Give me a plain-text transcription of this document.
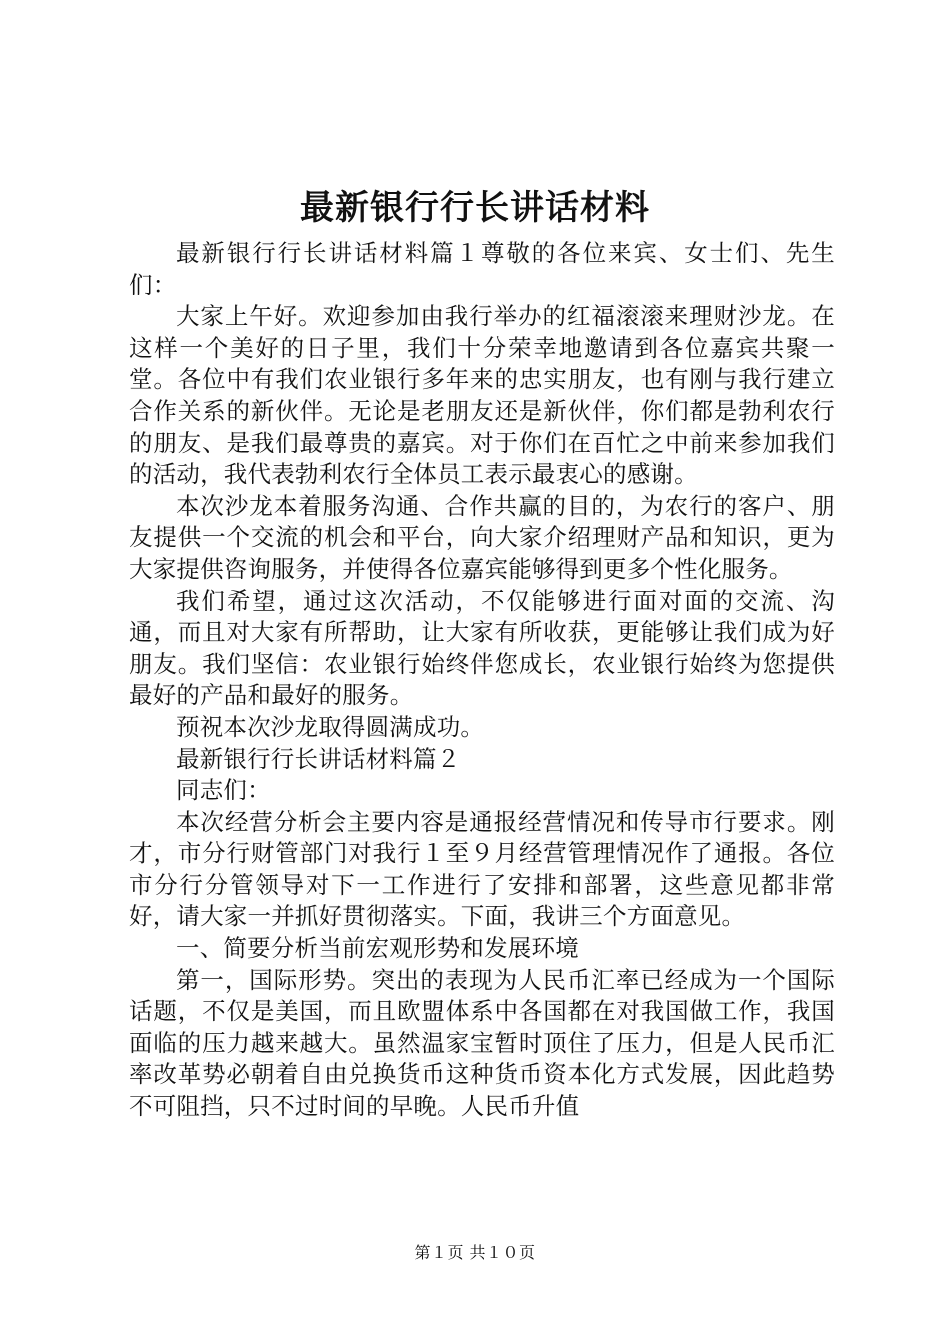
最新银行行长讲话材料

最新银行行长讲话材料篇１尊敬的各位来宾、女士们、先生们：

大家上午好。欢迎参加由我行举办的红福滚滚来理财沙龙。在这样一个美好的日子里，我们十分荣幸地邀请到各位嘉宾共聚一堂。各位中有我们农业银行多年来的忠实朋友，也有刚与我行建立合作关系的新伙伴。无论是老朋友还是新伙伴，你们都是勃利农行的朋友、是我们最尊贵的嘉宾。对于你们在百忙之中前来参加我们的活动，我代表勃利农行全体员工表示最衷心的感谢。

本次沙龙本着服务沟通、合作共赢的目的，为农行的客户、朋友提供一个交流的机会和平台，向大家介绍理财产品和知识，更为大家提供咨询服务，并使得各位嘉宾能够得到更多个性化服务。

我们希望，通过这次活动，不仅能够进行面对面的交流、沟通，而且对大家有所帮助，让大家有所收获，更能够让我们成为好朋友。我们坚信：农业银行始终伴您成长，农业银行始终为您提供最好的产品和最好的服务。

预祝本次沙龙取得圆满成功。

最新银行行长讲话材料篇２

同志们：

本次经营分析会主要内容是通报经营情况和传导市行要求。刚才，市分行财管部门对我行１至９月经营管理情况作了通报。各位市分行分管领导对下一工作进行了安排和部署，这些意见都非常好，请大家一并抓好贯彻落实。下面，我讲三个方面意见。

一、简要分析当前宏观形势和发展环境

第一，国际形势。突出的表现为人民币汇率已经成为一个国际话题，不仅是美国，而且欧盟体系中各国都在对我国做工作，我国面临的压力越来越大。虽然温家宝暂时顶住了压力，但是人民币汇率改革势必朝着自由兑换货币这种货币资本化方式发展，因此趋势不可阻挡，只不过时间的早晚。人民币升值

第１页 共１０页
